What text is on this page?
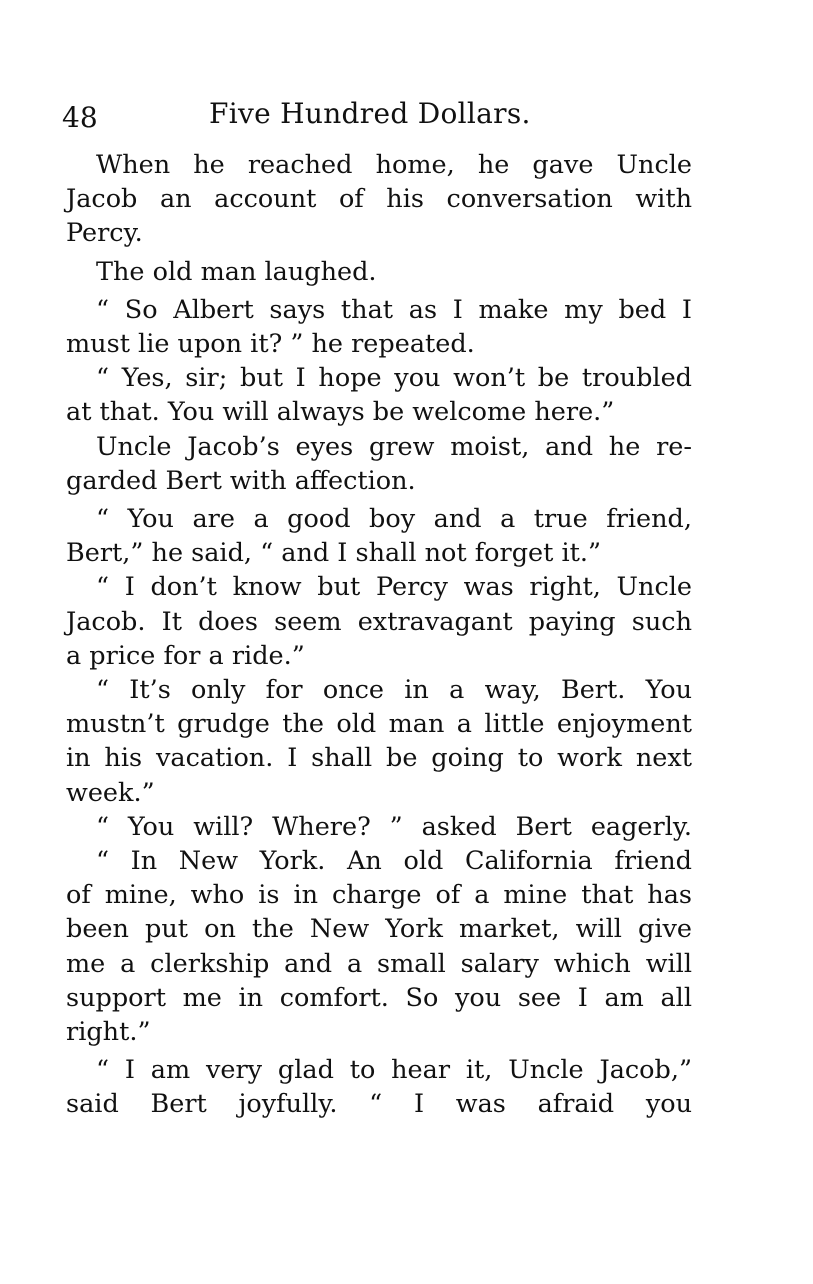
48	Five Hundred Dollars.
When he reached home, he gave Uncle
Jacob an account of his conversation with
Percy.
The old man laughed.
“ So Albert says that as I make my bed I
must lie upon it? ” he repeated.
“ Yes, sir; but I hope you won’t be troubled
at that. You will always be welcome here.”
Uncle Jacob’s eyes grew moist, and he re-
garded Bert with affection.
“ You are a good boy and a true friend,
Bert,” he said, “ and I shall not forget it.”
“ I don’t know but Percy was right, Uncle
Jacob. It does seem extravagant paying such
a price for a ride.”
“ It’s only for once in a way, Bert. You
mustn’t grudge the old man a little enjoyment
in his vacation. I shall be going to work next
week.”
“ You will? Where? ” asked Bert eagerly.
“ In New York. An old California friend
of mine, who is in charge of a mine that has
been put on the New York market, will give
me a clerkship and a small salary which will
support me in comfort. So you see I am all
right.”
“ I am very glad to hear it, Uncle Jacob,”
said Bert joyfully. “ I was afraid you
